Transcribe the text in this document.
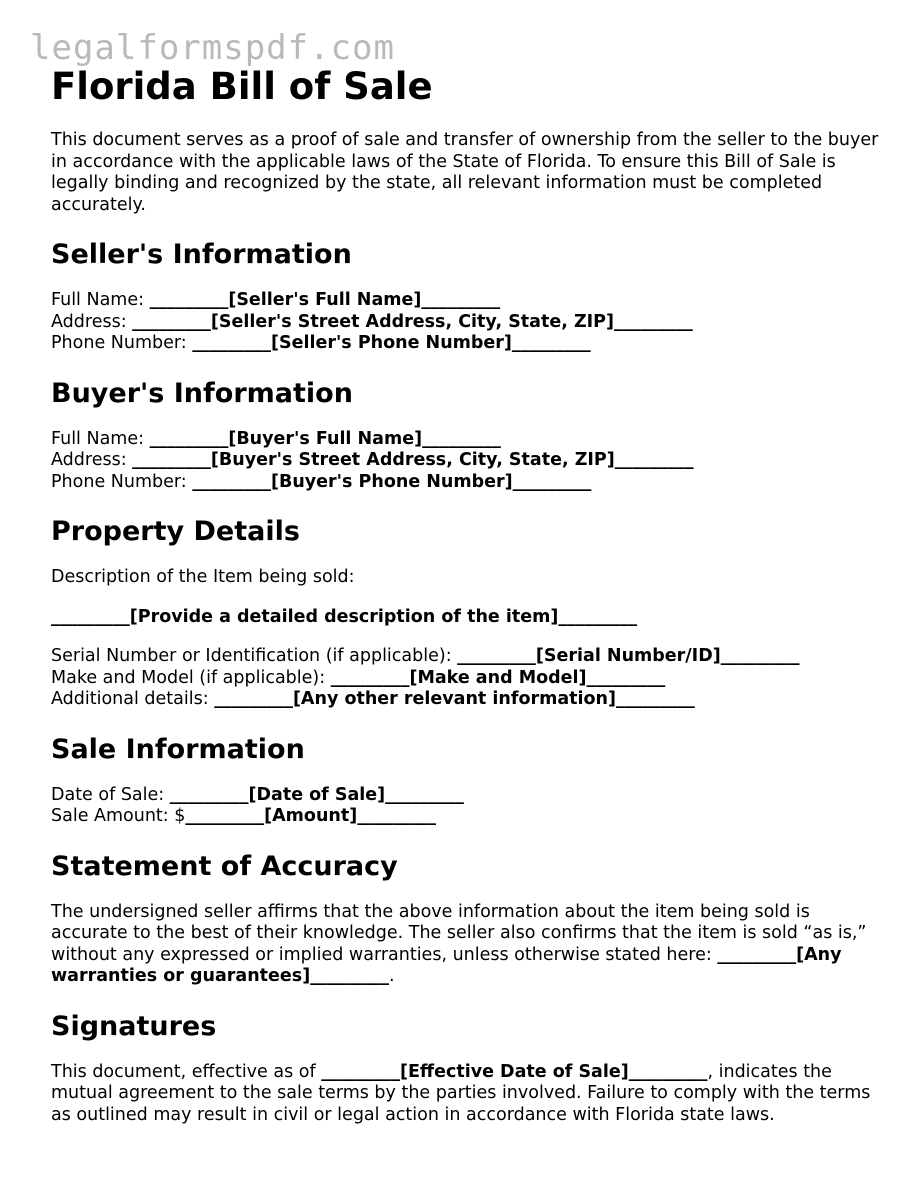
legalformspdf.com
Florida Bill of Sale

This document serves as a proof of sale and transfer of ownership from the seller to the buyer in accordance with the applicable laws of the State of Florida. To ensure this Bill of Sale is legally binding and recognized by the state, all relevant information must be completed accurately.

Seller's Information
Full Name: _________[Seller's Full Name]_________
Address: _________[Seller's Street Address, City, State, ZIP]_________
Phone Number: _________[Seller's Phone Number]_________
Buyer's Information
Full Name: _________[Buyer's Full Name]_________
Address: _________[Buyer's Street Address, City, State, ZIP]_________
Phone Number: _________[Buyer's Phone Number]_________
Property Details
Description of the Item being sold:
_________[Provide a detailed description of the item]_________
Serial Number or Identification (if applicable): _________[Serial Number/ID]_________
Make and Model (if applicable): _________[Make and Model]_________
Additional details: _________[Any other relevant information]_________
Sale Information
Date of Sale: _________[Date of Sale]_________
Sale Amount: $_________[Amount]_________
Statement of Accuracy

The undersigned seller affirms that the above information about the item being sold is accurate to the best of their knowledge. The seller also confirms that the item is sold “as is,” without any expressed or implied warranties, unless otherwise stated here: _________[Any warranties or guarantees]_________.

Signatures

This document, effective as of _________[Effective Date of Sale]_________, indicates the mutual agreement to the sale terms by the parties involved. Failure to comply with the terms as outlined may result in civil or legal action in accordance with Florida state laws.
